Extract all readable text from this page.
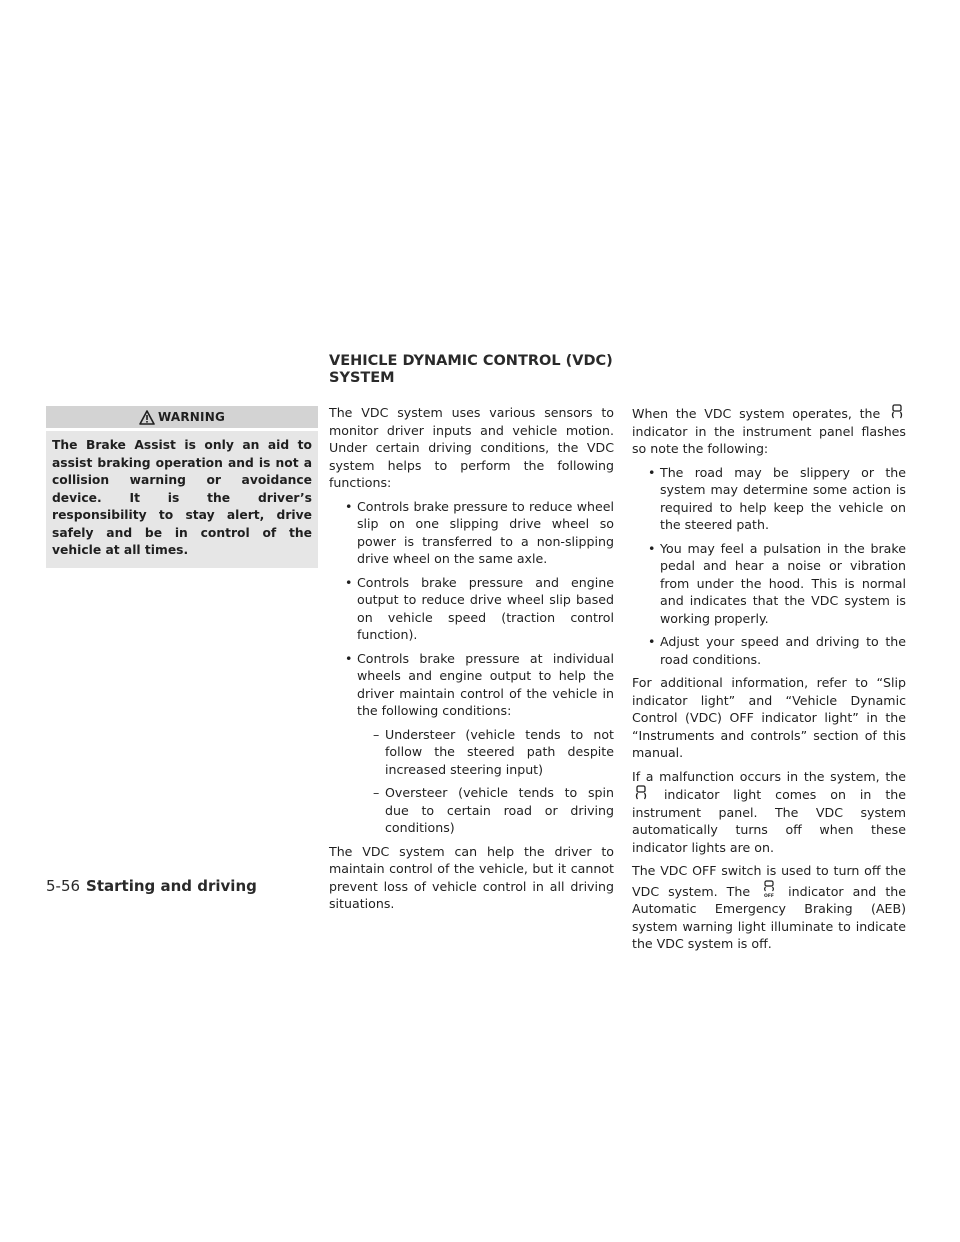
WARNING
The Brake Assist is only an aid to assist braking operation and is not a collision warning or avoidance device. It is the driver’s responsibility to stay alert, drive safely and be in control of the vehicle at all times.
VEHICLE DYNAMIC CONTROL (VDC)
SYSTEM

The VDC system uses various sensors to monitor driver inputs and vehicle motion. Under certain driving conditions, the VDC system helps to perform the following functions:

• Controls brake pressure to reduce wheel slip on one slipping drive wheel so power is transferred to a non-slipping drive wheel on the same axle.
• Controls brake pressure and engine output to reduce drive wheel slip based on vehicle speed (traction control function).
• Controls brake pressure at individual wheels and engine output to help the driver maintain control of the vehicle in the following conditions:
– Understeer (vehicle tends to not follow the steered path despite increased steering input)
– Oversteer (vehicle tends to spin due to certain road or driving conditions)

The VDC system can help the driver to maintain control of the vehicle, but it cannot prevent loss of vehicle control in all driving situations.

When the VDC system operates, the  indicator in the instrument panel flashes so note the following:

• The road may be slippery or the system may determine some action is required to help keep the vehicle on the steered path.
• You may feel a pulsation in the brake pedal and hear a noise or vibration from under the hood. This is normal and indicates that the VDC system is working properly.
• Adjust your speed and driving to the road conditions.

For additional information, refer to “Slip indicator light” and “Vehicle Dynamic Control (VDC) OFF indicator light” in the “Instruments and controls” section of this manual.

If a malfunction occurs in the system, the  indicator light comes on in the instrument panel. The VDC system automatically turns off when these indicator lights are on.

The VDC OFF switch is used to turn off the VDC system. The	OFF indicator and the Automatic Emergency Braking (AEB) system warning light illuminate to indicate the VDC system is off.

5-56 Starting and driving
